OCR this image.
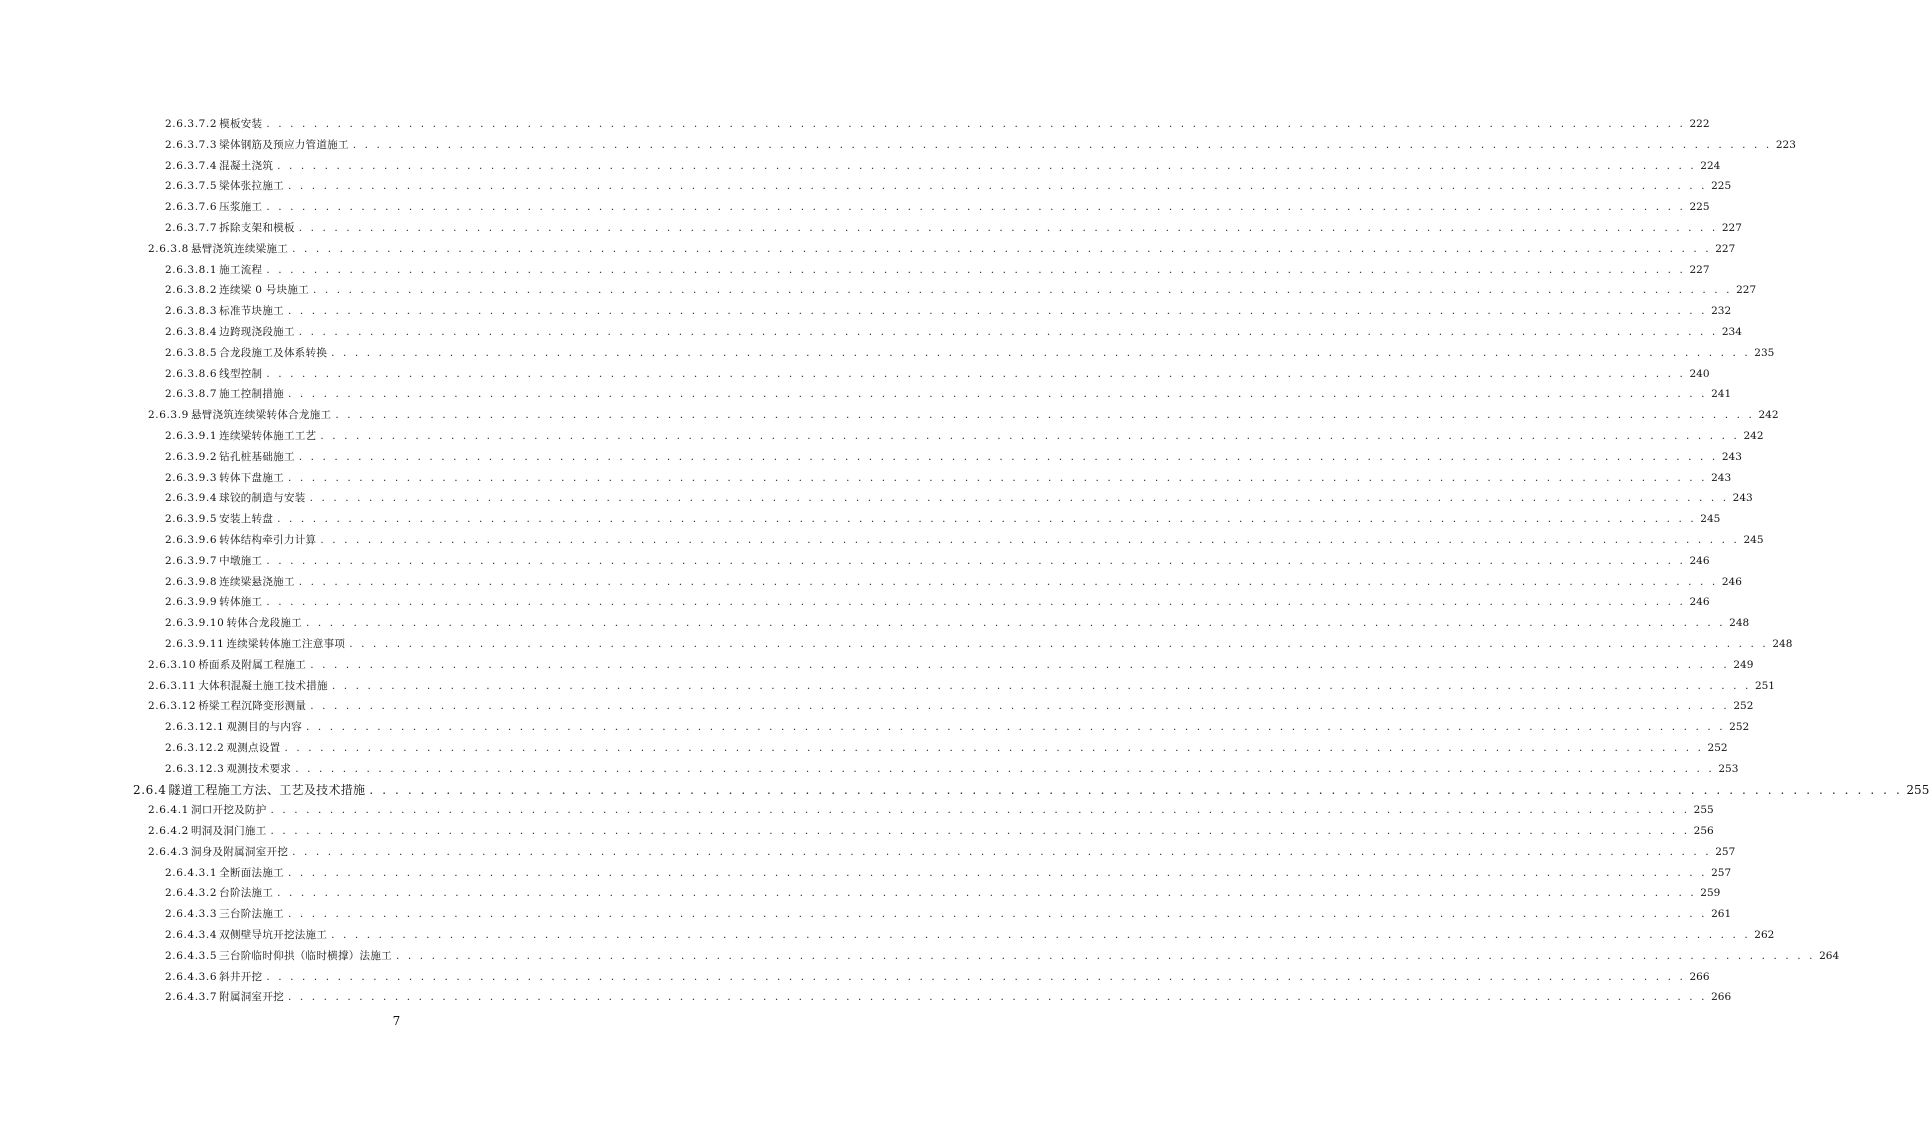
2.6.3.7.2 模板安装 . . . . . . . . . . . . . . . . . . . . . . . . . . . . . . . . . . . . . . . . . . . . . . . . . . . . . . . . . . . . . . . . . . . . . . . . . . . . . . . . . . . . . . . . . . . . . . . . . . . . . . . . . . . . . . . . . . . . . . . . 222
2.6.3.7.3 梁体钢筋及预应力管道施工 . . . . . . . . . . . . . . . . . . . . . . . . . . . . . . . . . . . . . . . . . . . . . . . . . . . . . . . . . . . . . . . . . . . . . . . . . . . . . . . . . . . . . . . . . . . . . . . . . . . . . . . . . . . . . . . . . . . . . . . . 223
2.6.3.7.4 混凝土浇筑 . . . . . . . . . . . . . . . . . . . . . . . . . . . . . . . . . . . . . . . . . . . . . . . . . . . . . . . . . . . . . . . . . . . . . . . . . . . . . . . . . . . . . . . . . . . . . . . . . . . . . . . . . . . . . . . . . . . . . . . . 224
2.6.3.7.5 梁体张拉施工 . . . . . . . . . . . . . . . . . . . . . . . . . . . . . . . . . . . . . . . . . . . . . . . . . . . . . . . . . . . . . . . . . . . . . . . . . . . . . . . . . . . . . . . . . . . . . . . . . . . . . . . . . . . . . . . . . . . . . . . . 225
2.6.3.7.6 压浆施工 . . . . . . . . . . . . . . . . . . . . . . . . . . . . . . . . . . . . . . . . . . . . . . . . . . . . . . . . . . . . . . . . . . . . . . . . . . . . . . . . . . . . . . . . . . . . . . . . . . . . . . . . . . . . . . . . . . . . . . . . 225
2.6.3.7.7 拆除支架和模板 . . . . . . . . . . . . . . . . . . . . . . . . . . . . . . . . . . . . . . . . . . . . . . . . . . . . . . . . . . . . . . . . . . . . . . . . . . . . . . . . . . . . . . . . . . . . . . . . . . . . . . . . . . . . . . . . . . . . . . . . 227
2.6.3.8 悬臂浇筑连续梁施工 . . . . . . . . . . . . . . . . . . . . . . . . . . . . . . . . . . . . . . . . . . . . . . . . . . . . . . . . . . . . . . . . . . . . . . . . . . . . . . . . . . . . . . . . . . . . . . . . . . . . . . . . . . . . . . . . . . . . . . . . 227
2.6.3.8.1 施工流程 . . . . . . . . . . . . . . . . . . . . . . . . . . . . . . . . . . . . . . . . . . . . . . . . . . . . . . . . . . . . . . . . . . . . . . . . . . . . . . . . . . . . . . . . . . . . . . . . . . . . . . . . . . . . . . . . . . . . . . . . 227
2.6.3.8.2 连续梁 0 号块施工 . . . . . . . . . . . . . . . . . . . . . . . . . . . . . . . . . . . . . . . . . . . . . . . . . . . . . . . . . . . . . . . . . . . . . . . . . . . . . . . . . . . . . . . . . . . . . . . . . . . . . . . . . . . . . . . . . . . . . . . . 227
2.6.3.8.3 标准节块施工 . . . . . . . . . . . . . . . . . . . . . . . . . . . . . . . . . . . . . . . . . . . . . . . . . . . . . . . . . . . . . . . . . . . . . . . . . . . . . . . . . . . . . . . . . . . . . . . . . . . . . . . . . . . . . . . . . . . . . . . . 232
2.6.3.8.4 边跨现浇段施工 . . . . . . . . . . . . . . . . . . . . . . . . . . . . . . . . . . . . . . . . . . . . . . . . . . . . . . . . . . . . . . . . . . . . . . . . . . . . . . . . . . . . . . . . . . . . . . . . . . . . . . . . . . . . . . . . . . . . . . . . 234
2.6.3.8.5 合龙段施工及体系转换 . . . . . . . . . . . . . . . . . . . . . . . . . . . . . . . . . . . . . . . . . . . . . . . . . . . . . . . . . . . . . . . . . . . . . . . . . . . . . . . . . . . . . . . . . . . . . . . . . . . . . . . . . . . . . . . . . . . . . . . . 235
2.6.3.8.6 线型控制 . . . . . . . . . . . . . . . . . . . . . . . . . . . . . . . . . . . . . . . . . . . . . . . . . . . . . . . . . . . . . . . . . . . . . . . . . . . . . . . . . . . . . . . . . . . . . . . . . . . . . . . . . . . . . . . . . . . . . . . . 240
2.6.3.8.7 施工控制措施 . . . . . . . . . . . . . . . . . . . . . . . . . . . . . . . . . . . . . . . . . . . . . . . . . . . . . . . . . . . . . . . . . . . . . . . . . . . . . . . . . . . . . . . . . . . . . . . . . . . . . . . . . . . . . . . . . . . . . . . . 241
2.6.3.9 悬臂浇筑连续梁转体合龙施工 . . . . . . . . . . . . . . . . . . . . . . . . . . . . . . . . . . . . . . . . . . . . . . . . . . . . . . . . . . . . . . . . . . . . . . . . . . . . . . . . . . . . . . . . . . . . . . . . . . . . . . . . . . . . . . . . . . . . . . . . 242
2.6.3.9.1 连续梁转体施工工艺 . . . . . . . . . . . . . . . . . . . . . . . . . . . . . . . . . . . . . . . . . . . . . . . . . . . . . . . . . . . . . . . . . . . . . . . . . . . . . . . . . . . . . . . . . . . . . . . . . . . . . . . . . . . . . . . . . . . . . . . . 242
2.6.3.9.2 钻孔桩基础施工 . . . . . . . . . . . . . . . . . . . . . . . . . . . . . . . . . . . . . . . . . . . . . . . . . . . . . . . . . . . . . . . . . . . . . . . . . . . . . . . . . . . . . . . . . . . . . . . . . . . . . . . . . . . . . . . . . . . . . . . . 243
2.6.3.9.3 转体下盘施工 . . . . . . . . . . . . . . . . . . . . . . . . . . . . . . . . . . . . . . . . . . . . . . . . . . . . . . . . . . . . . . . . . . . . . . . . . . . . . . . . . . . . . . . . . . . . . . . . . . . . . . . . . . . . . . . . . . . . . . . . 243
2.6.3.9.4 球铰的制造与安装 . . . . . . . . . . . . . . . . . . . . . . . . . . . . . . . . . . . . . . . . . . . . . . . . . . . . . . . . . . . . . . . . . . . . . . . . . . . . . . . . . . . . . . . . . . . . . . . . . . . . . . . . . . . . . . . . . . . . . . . . 243
2.6.3.9.5 安装上转盘 . . . . . . . . . . . . . . . . . . . . . . . . . . . . . . . . . . . . . . . . . . . . . . . . . . . . . . . . . . . . . . . . . . . . . . . . . . . . . . . . . . . . . . . . . . . . . . . . . . . . . . . . . . . . . . . . . . . . . . . . 245
2.6.3.9.6 转体结构牵引力计算 . . . . . . . . . . . . . . . . . . . . . . . . . . . . . . . . . . . . . . . . . . . . . . . . . . . . . . . . . . . . . . . . . . . . . . . . . . . . . . . . . . . . . . . . . . . . . . . . . . . . . . . . . . . . . . . . . . . . . . . . 245
2.6.3.9.7 中墩施工 . . . . . . . . . . . . . . . . . . . . . . . . . . . . . . . . . . . . . . . . . . . . . . . . . . . . . . . . . . . . . . . . . . . . . . . . . . . . . . . . . . . . . . . . . . . . . . . . . . . . . . . . . . . . . . . . . . . . . . . . 246
2.6.3.9.8 连续梁悬浇施工 . . . . . . . . . . . . . . . . . . . . . . . . . . . . . . . . . . . . . . . . . . . . . . . . . . . . . . . . . . . . . . . . . . . . . . . . . . . . . . . . . . . . . . . . . . . . . . . . . . . . . . . . . . . . . . . . . . . . . . . . 246
2.6.3.9.9 转体施工 . . . . . . . . . . . . . . . . . . . . . . . . . . . . . . . . . . . . . . . . . . . . . . . . . . . . . . . . . . . . . . . . . . . . . . . . . . . . . . . . . . . . . . . . . . . . . . . . . . . . . . . . . . . . . . . . . . . . . . . . 246
2.6.3.9.10 转体合龙段施工 . . . . . . . . . . . . . . . . . . . . . . . . . . . . . . . . . . . . . . . . . . . . . . . . . . . . . . . . . . . . . . . . . . . . . . . . . . . . . . . . . . . . . . . . . . . . . . . . . . . . . . . . . . . . . . . . . . . . . . . . 248
2.6.3.9.11 连续梁转体施工注意事项 . . . . . . . . . . . . . . . . . . . . . . . . . . . . . . . . . . . . . . . . . . . . . . . . . . . . . . . . . . . . . . . . . . . . . . . . . . . . . . . . . . . . . . . . . . . . . . . . . . . . . . . . . . . . . . . . . . . . . . . . 248
2.6.3.10 桥面系及附属工程施工 . . . . . . . . . . . . . . . . . . . . . . . . . . . . . . . . . . . . . . . . . . . . . . . . . . . . . . . . . . . . . . . . . . . . . . . . . . . . . . . . . . . . . . . . . . . . . . . . . . . . . . . . . . . . . . . . . . . . . . . . 249
2.6.3.11 大体积混凝土施工技术措施 . . . . . . . . . . . . . . . . . . . . . . . . . . . . . . . . . . . . . . . . . . . . . . . . . . . . . . . . . . . . . . . . . . . . . . . . . . . . . . . . . . . . . . . . . . . . . . . . . . . . . . . . . . . . . . . . . . . . . . . . 251
2.6.3.12 桥梁工程沉降变形测量 . . . . . . . . . . . . . . . . . . . . . . . . . . . . . . . . . . . . . . . . . . . . . . . . . . . . . . . . . . . . . . . . . . . . . . . . . . . . . . . . . . . . . . . . . . . . . . . . . . . . . . . . . . . . . . . . . . . . . . . . 252
2.6.3.12.1 观测目的与内容 . . . . . . . . . . . . . . . . . . . . . . . . . . . . . . . . . . . . . . . . . . . . . . . . . . . . . . . . . . . . . . . . . . . . . . . . . . . . . . . . . . . . . . . . . . . . . . . . . . . . . . . . . . . . . . . . . . . . . . . . 252
2.6.3.12.2 观测点设置 . . . . . . . . . . . . . . . . . . . . . . . . . . . . . . . . . . . . . . . . . . . . . . . . . . . . . . . . . . . . . . . . . . . . . . . . . . . . . . . . . . . . . . . . . . . . . . . . . . . . . . . . . . . . . . . . . . . . . . . . 252
2.6.3.12.3 观测技术要求 . . . . . . . . . . . . . . . . . . . . . . . . . . . . . . . . . . . . . . . . . . . . . . . . . . . . . . . . . . . . . . . . . . . . . . . . . . . . . . . . . . . . . . . . . . . . . . . . . . . . . . . . . . . . . . . . . . . . . . . . 253
2.6.4 隧道工程施工方法、工艺及技术措施 . . . . . . . . . . . . . . . . . . . . . . . . . . . . . . . . . . . . . . . . . . . . . . . . . . . . . . . . . . . . . . . . . . . . . . . . . . . . . . . . . . . . . . . . . . . . . . . . . . . . . . . . . . . . . . . . . . . . . . . . 255
2.6.4.1 洞口开挖及防护 . . . . . . . . . . . . . . . . . . . . . . . . . . . . . . . . . . . . . . . . . . . . . . . . . . . . . . . . . . . . . . . . . . . . . . . . . . . . . . . . . . . . . . . . . . . . . . . . . . . . . . . . . . . . . . . . . . . . . . . . 255
2.6.4.2 明洞及洞门施工 . . . . . . . . . . . . . . . . . . . . . . . . . . . . . . . . . . . . . . . . . . . . . . . . . . . . . . . . . . . . . . . . . . . . . . . . . . . . . . . . . . . . . . . . . . . . . . . . . . . . . . . . . . . . . . . . . . . . . . . . 256
2.6.4.3 洞身及附属洞室开挖 . . . . . . . . . . . . . . . . . . . . . . . . . . . . . . . . . . . . . . . . . . . . . . . . . . . . . . . . . . . . . . . . . . . . . . . . . . . . . . . . . . . . . . . . . . . . . . . . . . . . . . . . . . . . . . . . . . . . . . . . 257
2.6.4.3.1 全断面法施工 . . . . . . . . . . . . . . . . . . . . . . . . . . . . . . . . . . . . . . . . . . . . . . . . . . . . . . . . . . . . . . . . . . . . . . . . . . . . . . . . . . . . . . . . . . . . . . . . . . . . . . . . . . . . . . . . . . . . . . . . 257
2.6.4.3.2 台阶法施工 . . . . . . . . . . . . . . . . . . . . . . . . . . . . . . . . . . . . . . . . . . . . . . . . . . . . . . . . . . . . . . . . . . . . . . . . . . . . . . . . . . . . . . . . . . . . . . . . . . . . . . . . . . . . . . . . . . . . . . . . 259
2.6.4.3.3 三台阶法施工 . . . . . . . . . . . . . . . . . . . . . . . . . . . . . . . . . . . . . . . . . . . . . . . . . . . . . . . . . . . . . . . . . . . . . . . . . . . . . . . . . . . . . . . . . . . . . . . . . . . . . . . . . . . . . . . . . . . . . . . . 261
2.6.4.3.4 双侧壁导坑开挖法施工 . . . . . . . . . . . . . . . . . . . . . . . . . . . . . . . . . . . . . . . . . . . . . . . . . . . . . . . . . . . . . . . . . . . . . . . . . . . . . . . . . . . . . . . . . . . . . . . . . . . . . . . . . . . . . . . . . . . . . . . . 262
2.6.4.3.5 三台阶临时仰拱（临时横撑）法施工 . . . . . . . . . . . . . . . . . . . . . . . . . . . . . . . . . . . . . . . . . . . . . . . . . . . . . . . . . . . . . . . . . . . . . . . . . . . . . . . . . . . . . . . . . . . . . . . . . . . . . . . . . . . . . . . . . . . . . . . . 264
2.6.4.3.6 斜井开挖 . . . . . . . . . . . . . . . . . . . . . . . . . . . . . . . . . . . . . . . . . . . . . . . . . . . . . . . . . . . . . . . . . . . . . . . . . . . . . . . . . . . . . . . . . . . . . . . . . . . . . . . . . . . . . . . . . . . . . . . . 266
2.6.4.3.7 附属洞室开挖 . . . . . . . . . . . . . . . . . . . . . . . . . . . . . . . . . . . . . . . . . . . . . . . . . . . . . . . . . . . . . . . . . . . . . . . . . . . . . . . . . . . . . . . . . . . . . . . . . . . . . . . . . . . . . . . . . . . . . . . . 266
7
